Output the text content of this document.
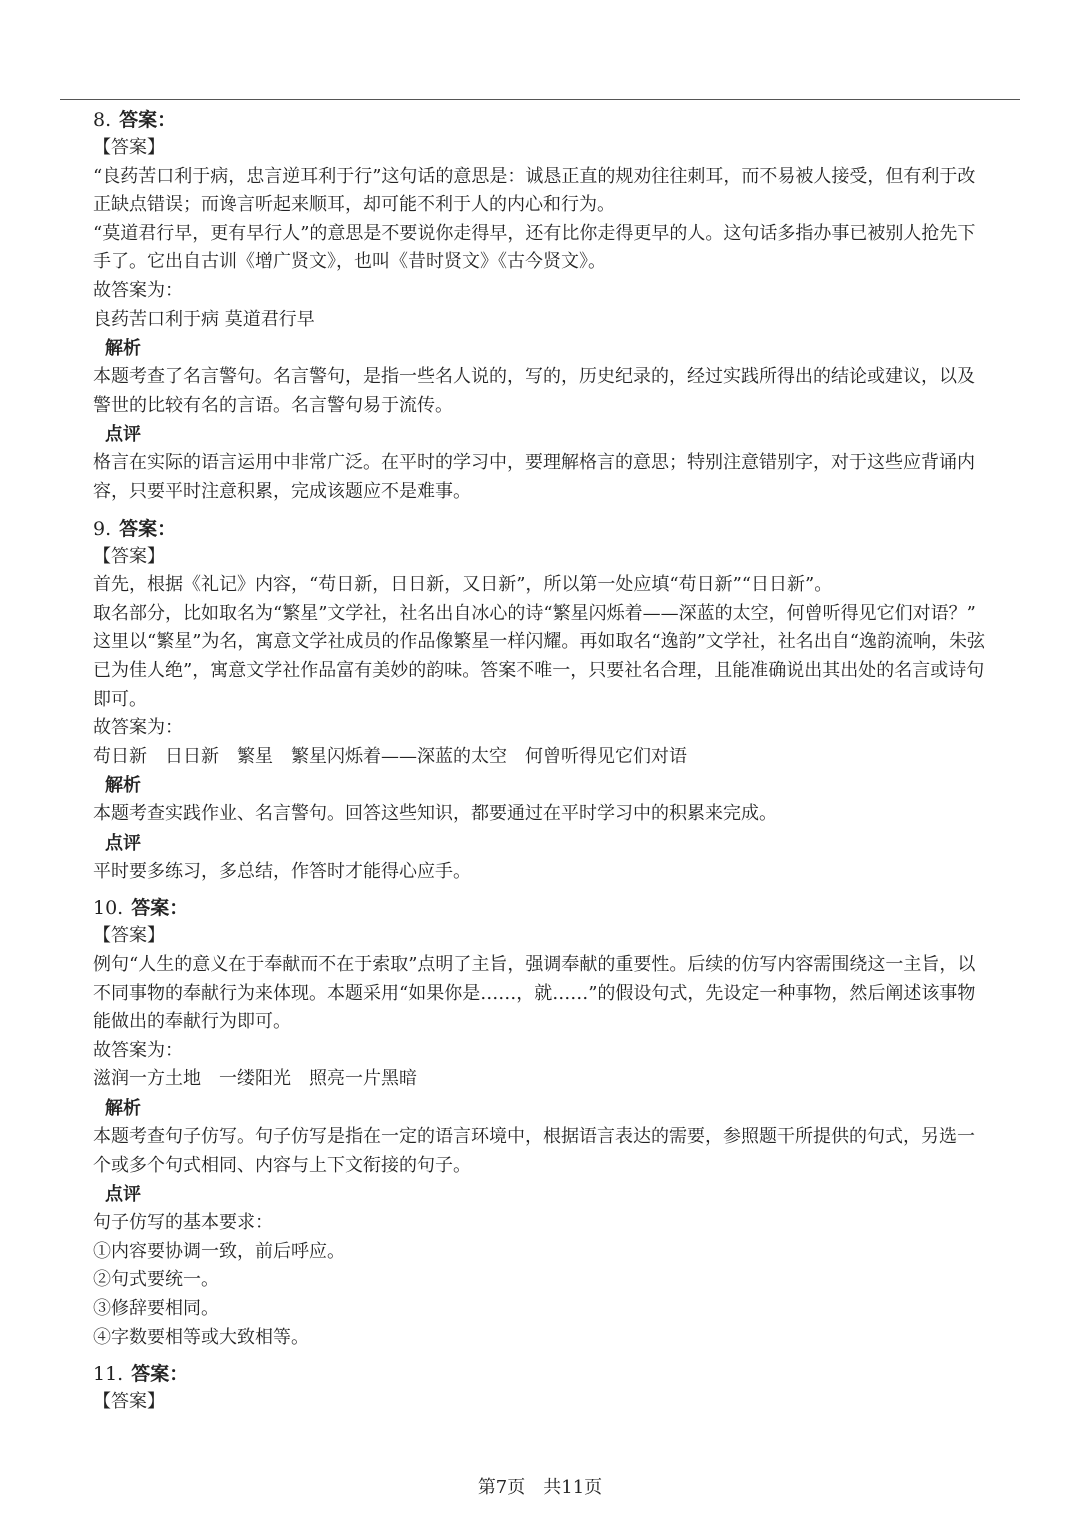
8. 答案：
【答案】
“良药苦口利于病，忠言逆耳利于行”这句话的意思是：诚恳正直的规劝往往刺耳，而不易被人接受，但有利于改
正缺点错误；而谗言听起来顺耳，却可能不利于人的内心和行为。
“莫道君行早，更有早行人”的意思是不要说你走得早，还有比你走得更早的人。这句话多指办事已被别人抢先下
手了。它出自古训《增广贤文》，也叫《昔时贤文》《古今贤文》。
故答案为：
良药苦口利于病 莫道君行早
解析
本题考查了名言警句。名言警句，是指一些名人说的，写的，历史纪录的，经过实践所得出的结论或建议，以及
警世的比较有名的言语。名言警句易于流传。
点评
格言在实际的语言运用中非常广泛。在平时的学习中，要理解格言的意思；特别注意错别字，对于这些应背诵内
容，只要平时注意积累，完成该题应不是难事。
9. 答案：
【答案】
首先，根据《礼记》内容，“苟日新，日日新，又日新”，所以第一处应填“苟日新”“日日新”。
取名部分，比如取名为“繁星”文学社，社名出自冰心的诗“繁星闪烁着——深蓝的太空，何曾听得见它们对语？”
这里以“繁星”为名，寓意文学社成员的作品像繁星一样闪耀。再如取名“逸韵”文学社，社名出自“逸韵流响，朱弦
已为佳人绝”，寓意文学社作品富有美妙的韵味。答案不唯一，只要社名合理，且能准确说出其出处的名言或诗句
即可。
故答案为：
苟日新　日日新　繁星　繁星闪烁着——深蓝的太空　何曾听得见它们对语
解析
本题考查实践作业、名言警句。回答这些知识，都要通过在平时学习中的积累来完成。
点评
平时要多练习，多总结，作答时才能得心应手。
10. 答案：
【答案】
例句“人生的意义在于奉献而不在于索取”点明了主旨，强调奉献的重要性。后续的仿写内容需围绕这一主旨，以
不同事物的奉献行为来体现。本题采用“如果你是……，就……”的假设句式，先设定一种事物，然后阐述该事物
能做出的奉献行为即可。
故答案为：
滋润一方土地　一缕阳光　照亮一片黑暗
解析
本题考查句子仿写。句子仿写是指在一定的语言环境中，根据语言表达的需要，参照题干所提供的句式，另选一
个或多个句式相同、内容与上下文衔接的句子。
点评
句子仿写的基本要求：
①内容要协调一致，前后呼应。
②句式要统一。
③修辞要相同。
④字数要相等或大致相等。
11. 答案：
【答案】
第7页　共11页
